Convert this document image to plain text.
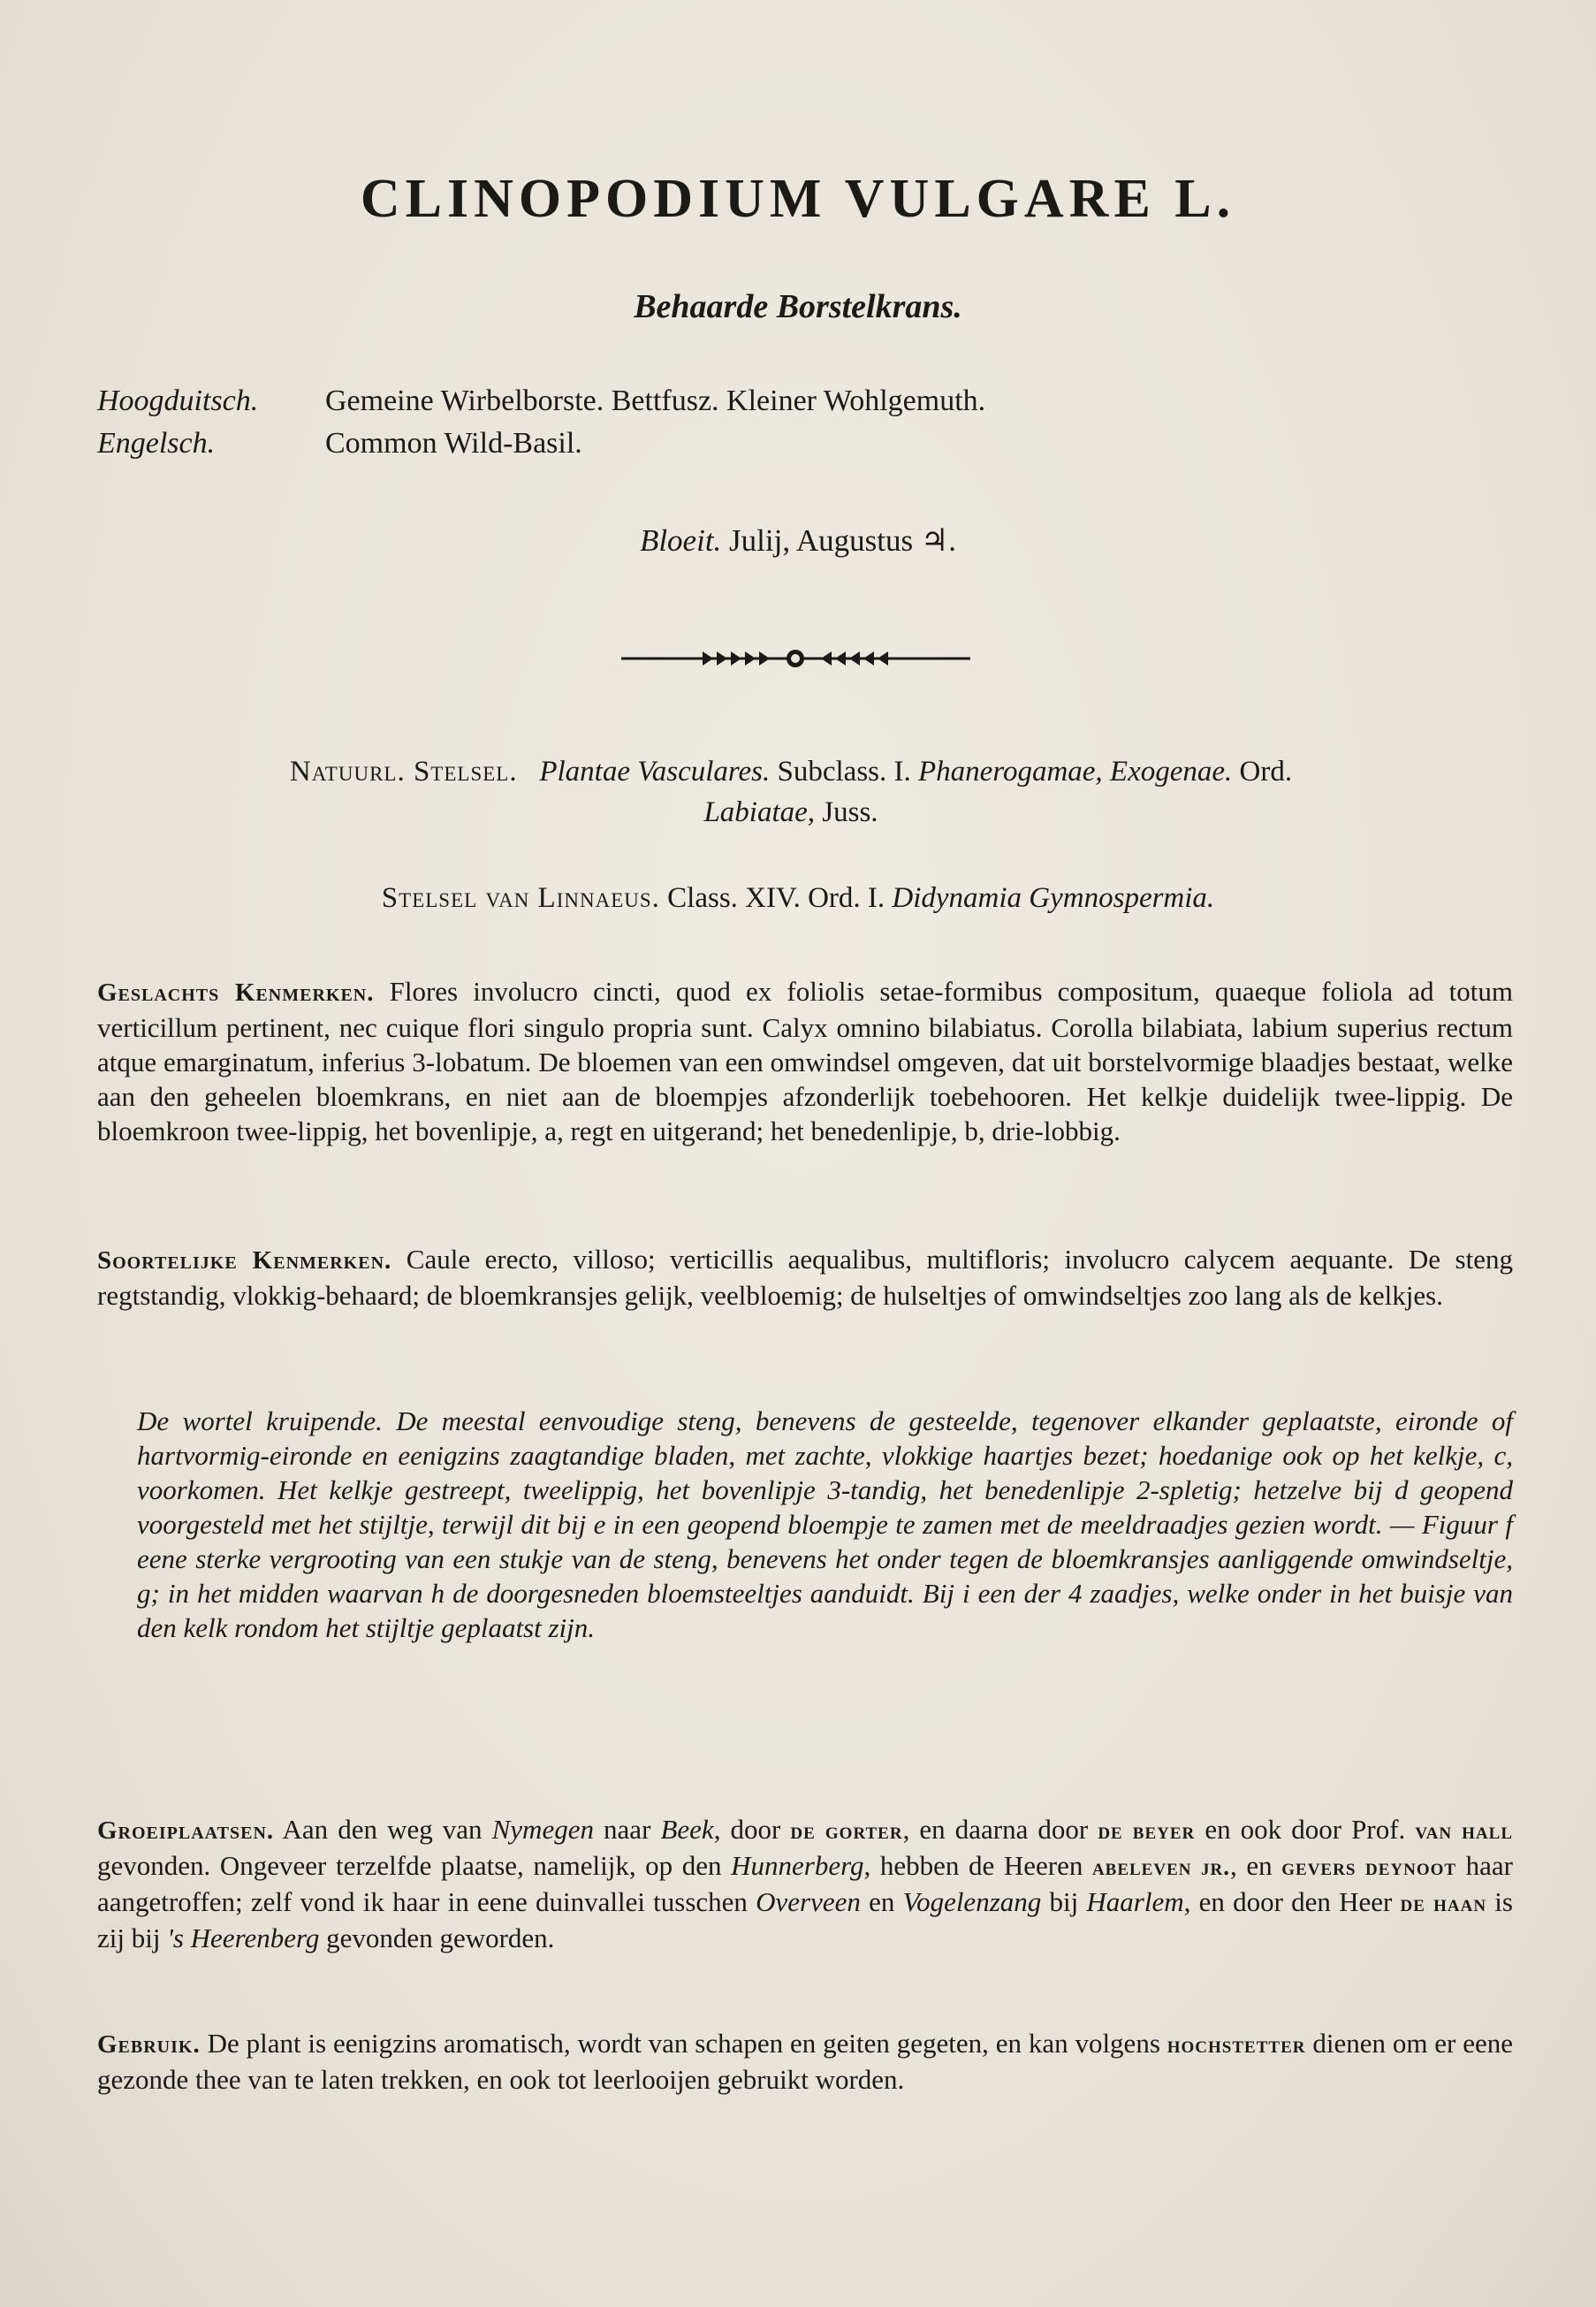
CLINOPODIUM VULGARE L.
Behaarde Borstelkrans.
Hoogduitsch.	Gemeine Wirbelborste. Bettfusz. Kleiner Wohlgemuth.
Engelsch.	Common Wild-Basil.
Bloeit. Julij, Augustus ♃.
Natuurl. Stelsel. Plantae Vasculares. Subclass. I. Phanerogamae, Exogenae. Ord.
Labiatae, Juss.
Stelsel van Linnaeus. Class. XIV. Ord. I. Didynamia Gymnospermia.
Geslachts Kenmerken. Flores involucro cincti, quod ex foliolis setae-formibus compositum, quaeque foliola ad totum verticillum pertinent, nec cuique flori singulo propria sunt. Calyx omnino bilabiatus. Corolla bilabiata, labium superius rectum atque emarginatum, inferius 3-lobatum. De bloemen van een omwindsel omgeven, dat uit borstelvormige blaadjes bestaat, welke aan den geheelen bloemkrans, en niet aan de bloempjes afzonderlijk toebehooren. Het kelkje duidelijk twee-lippig. De bloemkroon twee-lippig, het bovenlipje, a, regt en uitgerand; het benedenlipje, b, drie-lobbig.
Soortelijke Kenmerken. Caule erecto, villoso; verticillis aequalibus, multifloris; involucro calycem aequante. De steng regtstandig, vlokkig-behaard; de bloemkransjes gelijk, veelbloemig; de hulseltjes of omwindseltjes zoo lang als de kelkjes.
De wortel kruipende. De meestal eenvoudige steng, benevens de gesteelde, tegenover elkander geplaatste, eironde of hartvormig-eironde en eenigzins zaagtandige bladen, met zachte, vlokkige haartjes bezet; hoedanige ook op het kelkje, c, voorkomen. Het kelkje gestreept, tweelippig, het bovenlipje 3-tandig, het benedenlipje 2-spletig; hetzelve bij d geopend voorgesteld met het stijltje, terwijl dit bij e in een geopend bloempje te zamen met de meeldraadjes gezien wordt. — Figuur f eene sterke vergrooting van een stukje van de steng, benevens het onder tegen de bloemkransjes aanliggende omwindseltje, g; in het midden waarvan h de doorgesneden bloemsteeltjes aanduidt. Bij i een der 4 zaadjes, welke onder in het buisje van den kelk rondom het stijltje geplaatst zijn.
Groeiplaatsen. Aan den weg van Nymegen naar Beek, door de gorter, en daarna door de beyer en ook door Prof. van hall gevonden. Ongeveer terzelfde plaatse, namelijk, op den Hunnerberg, hebben de Heeren abeleven jr., en gevers deynoot haar aangetroffen; zelf vond ik haar in eene duinvallei tusschen Overveen en Vogelenzang bij Haarlem, en door den Heer de haan is zij bij 's Heerenberg gevonden geworden.
Gebruik. De plant is eenigzins aromatisch, wordt van schapen en geiten gegeten, en kan volgens hochstetter dienen om er eene gezonde thee van te laten trekken, en ook tot leerlooijen gebruikt worden.
